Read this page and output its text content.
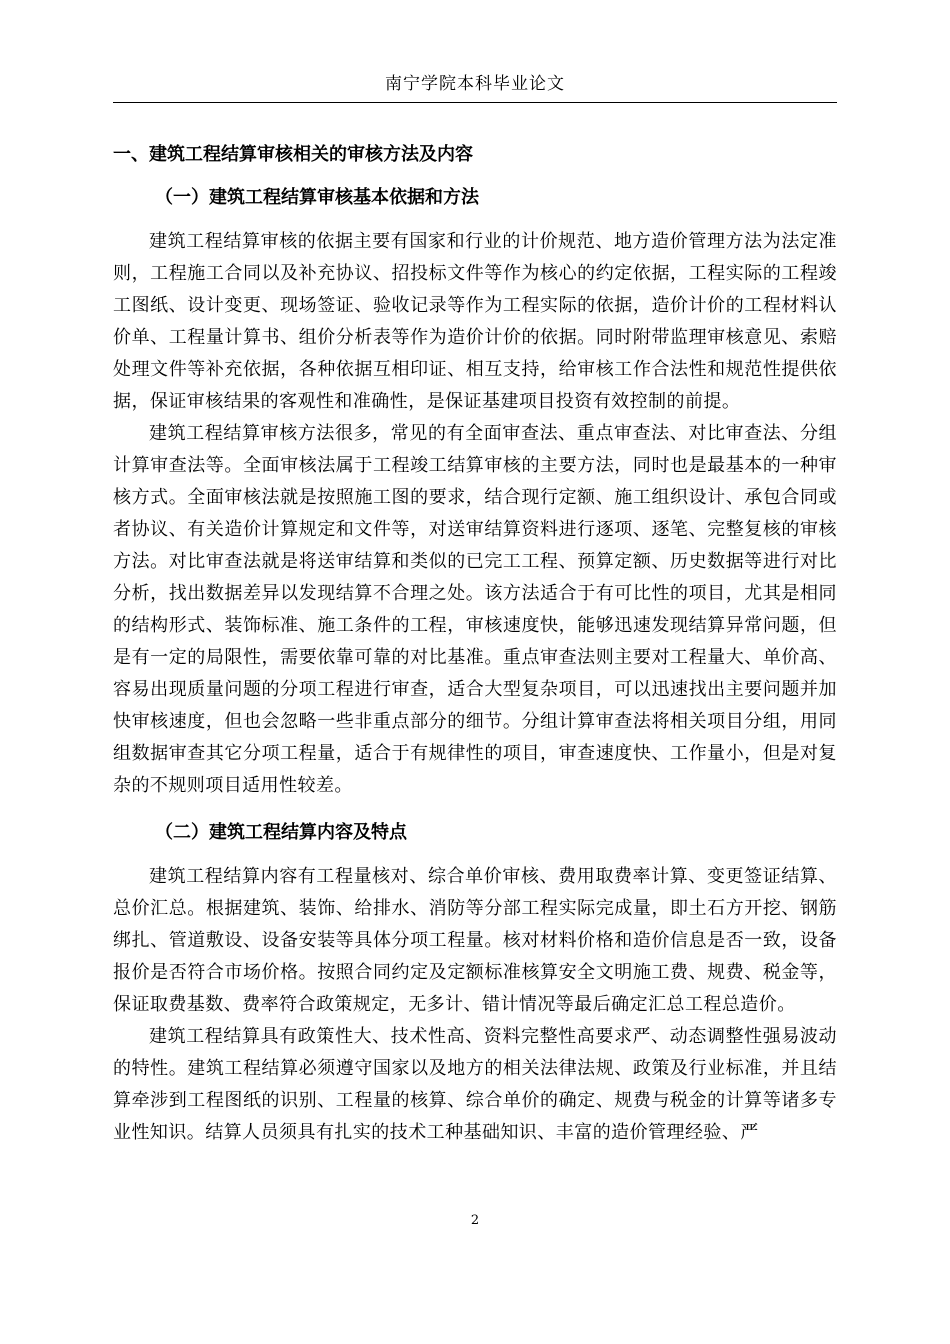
南宁学院本科毕业论文
一、建筑工程结算审核相关的审核方法及内容
（一）建筑工程结算审核基本依据和方法

建筑工程结算审核的依据主要有国家和行业的计价规范、地方造价管理方法为法定准则，工程施工合同以及补充协议、招投标文件等作为核心的约定依据，工程实际的工程竣工图纸、设计变更、现场签证、验收记录等作为工程实际的依据，造价计价的工程材料认价单、工程量计算书、组价分析表等作为造价计价的依据。同时附带监理审核意见、索赔处理文件等补充依据，各种依据互相印证、相互支持，给审核工作合法性和规范性提供依据，保证审核结果的客观性和准确性，是保证基建项目投资有效控制的前提。

建筑工程结算审核方法很多，常见的有全面审查法、重点审查法、对比审查法、分组计算审查法等。全面审核法属于工程竣工结算审核的主要方法，同时也是最基本的一种审核方式。全面审核法就是按照施工图的要求，结合现行定额、施工组织设计、承包合同或者协议、有关造价计算规定和文件等，对送审结算资料进行逐项、逐笔、完整复核的审核方法。对比审查法就是将送审结算和类似的已完工工程、预算定额、历史数据等进行对比分析，找出数据差异以发现结算不合理之处。该方法适合于有可比性的项目，尤其是相同的结构形式、装饰标准、施工条件的工程，审核速度快，能够迅速发现结算异常问题，但是有一定的局限性，需要依靠可靠的对比基准。重点审查法则主要对工程量大、单价高、容易出现质量问题的分项工程进行审查，适合大型复杂项目，可以迅速找出主要问题并加快审核速度，但也会忽略一些非重点部分的细节。分组计算审查法将相关项目分组，用同组数据审查其它分项工程量，适合于有规律性的项目，审查速度快、工作量小，但是对复杂的不规则项目适用性较差。

（二）建筑工程结算内容及特点

建筑工程结算内容有工程量核对、综合单价审核、费用取费率计算、变更签证结算、总价汇总。根据建筑、装饰、给排水、消防等分部工程实际完成量，即土石方开挖、钢筋绑扎、管道敷设、设备安装等具体分项工程量。核对材料价格和造价信息是否一致，设备报价是否符合市场价格。按照合同约定及定额标准核算安全文明施工费、规费、税金等，保证取费基数、费率符合政策规定，无多计、错计情况等最后确定汇总工程总造价。

建筑工程结算具有政策性大、技术性高、资料完整性高要求严、动态调整性强易波动的特性。建筑工程结算必须遵守国家以及地方的相关法律法规、政策及行业标准，并且结算牵涉到工程图纸的识别、工程量的核算、综合单价的确定、规费与税金的计算等诸多专业性知识。结算人员须具有扎实的技术工种基础知识、丰富的造价管理经验、严

2
